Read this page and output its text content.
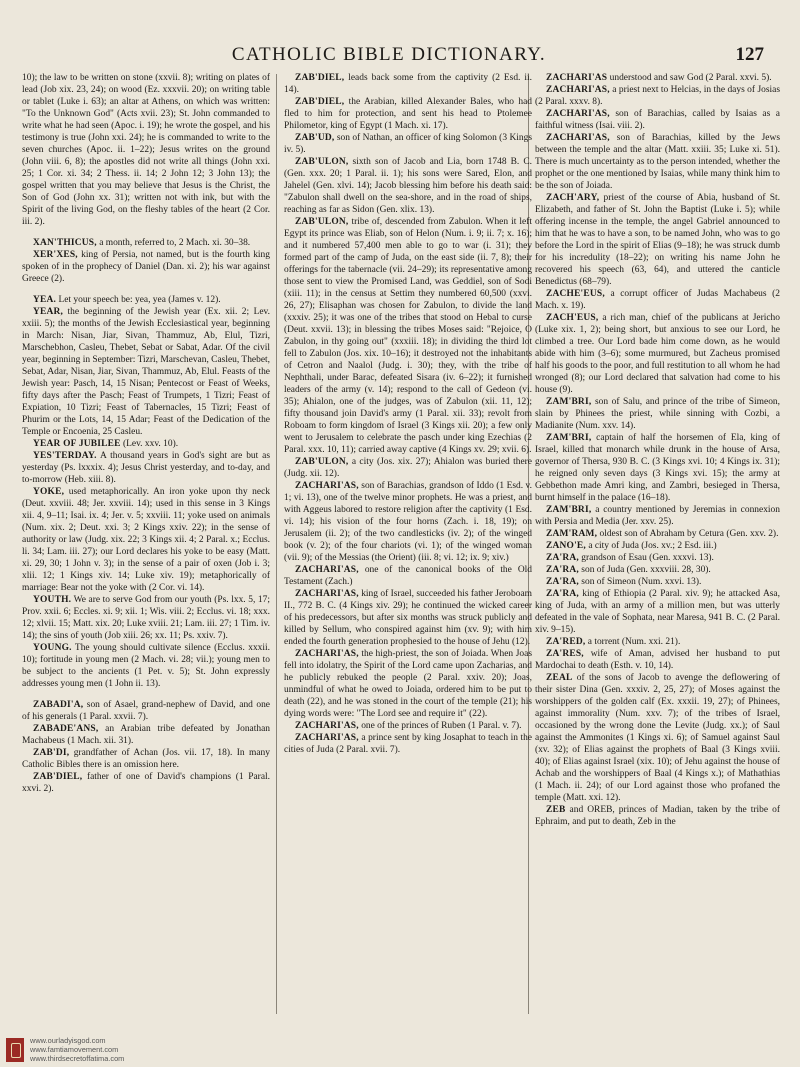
CATHOLIC BIBLE DICTIONARY.	127

10); the law to be written on stone (xxvii. 8); writing on plates of lead (Job xix. 23, 24); on wood (Ez. xxxvii. 20); on writing table or tablet (Luke i. 63); an altar at Athens, on which was written: "To the Unknown God" (Acts xvii. 23); St. John commanded to write what he had seen (Apoc. i. 19); he wrote the gospel, and his testimony is true (John xxi. 24); he is commanded to write to the seven churches (Apoc. ii. 1–22); Jesus writes on the ground (John viii. 6, 8); the apostles did not write all things (John xxi. 25; 1 Cor. xi. 34; 2 Thess. ii. 14; 2 John 12; 3 John 13); the gospel written that you may believe that Jesus is the Christ, the Son of God (John xx. 31); written not with ink, but with the Spirit of the living God, on the fleshy tables of the heart (2 Cor. iii. 2).

XAN'THICUS, a month, referred to, 2 Mach. xi. 30–38.

XER'XES, king of Persia, not named, but is the fourth king spoken of in the prophecy of Daniel (Dan. xi. 2); his war against Greece (2).

YEA. Let your speech be: yea, yea (James v. 12).

YEAR, the beginning of the Jewish year (Ex. xii. 2; Lev. xxiii. 5); the months of the Jewish Ecclesiastical year, beginning in March: Nisan, Jiar, Sivan, Thammuz, Ab, Elul, Tizri, Marschebhon, Casleu, Thebet, Sebat or Sabat, Adar. Of the civil year, beginning in September: Tizri, Marschevan, Casleu, Thebet, Sebat, Adar, Nisan, Jiar, Sivan, Thammuz, Ab, Elul. Feasts of the Jewish year: Pasch, 14, 15 Nisan; Pentecost or Feast of Weeks, fifty days after the Pasch; Feast of Trumpets, 1 Tizri; Feast of Expiation, 10 Tizri; Feast of Tabernacles, 15 Tizri; Feast of Phurim or the Lots, 14, 15 Adar; Feast of the Dedication of the Temple or Encoenia, 25 Casleu.

YEAR OF JUBILEE (Lev. xxv. 10).

YES'TERDAY. A thousand years in God's sight are but as yesterday (Ps. lxxxix. 4); Jesus Christ yesterday, and to-day, and to-morrow (Heb. xiii. 8).

YOKE, used metaphorically. An iron yoke upon thy neck (Deut. xxviii. 48; Jer. xxviii. 14); used in this sense in 3 Kings xii. 4, 9–11; Isai. ix. 4; Jer. v. 5; xxviii. 11; yoke used on animals (Num. xix. 2; Deut. xxi. 3; 2 Kings xxiv. 22); in the sense of authority or law (Judg. xix. 22; 3 Kings xii. 4; 2 Paral. x.; Ecclus. li. 34; Lam. iii. 27); our Lord declares his yoke to be easy (Matt. xi. 29, 30; 1 John v. 3); in the sense of a pair of oxen (Job i. 3; xlii. 12; 1 Kings xiv. 14; Luke xiv. 19); metaphorically of marriage: Bear not the yoke with (2 Cor. vi. 14).

YOUTH. We are to serve God from our youth (Ps. lxx. 5, 17; Prov. xxii. 6; Eccles. xi. 9; xii. 1; Wis. viii. 2; Ecclus. vi. 18; xxx. 12; xlvii. 15; Matt. xix. 20; Luke xviii. 21; Lam. iii. 27; 1 Tim. iv. 14); the sins of youth (Job xiii. 26; xx. 11; Ps. xxiv. 7).

YOUNG. The young should cultivate silence (Ecclus. xxxii. 10); fortitude in young men (2 Mach. vi. 28; vii.); young men to be subject to the ancients (1 Pet. v. 5); St. John expressly addresses young men (1 John ii. 13).

ZABADI'A, son of Asael, grand-nephew of David, and one of his generals (1 Paral. xxvii. 7).

ZABADE'ANS, an Arabian tribe defeated by Jonathan Machabeus (1 Mach. xii. 31).

ZAB'DI, grandfather of Achan (Jos. vii. 17, 18). In many Catholic Bibles there is an omission here.

ZAB'DIEL, father of one of David's champions (1 Paral. xxvi. 2).

ZAB'DIEL, leads back some from the captivity (2 Esd. ii. 14).

ZAB'DIEL, the Arabian, killed Alexander Bales, who had fled to him for protection, and sent his head to Ptolemee Philometor, king of Egypt (1 Mach. xi. 17).

ZAB'UD, son of Nathan, an officer of king Solomon (3 Kings iv. 5).

ZAB'ULON, sixth son of Jacob and Lia, born 1748 B. C. (Gen. xxx. 20; 1 Paral. ii. 1); his sons were Sared, Elon, and Jahelel (Gen. xlvi. 14); Jacob blessing him before his death said: "Zabulon shall dwell on the sea-shore, and in the road of ships, reaching as far as Sidon (Gen. xlix. 13).

ZAB'ULON, tribe of, descended from Zabulon. When it left Egypt its prince was Eliab, son of Helon (Num. i. 9; ii. 7; x. 16); and it numbered 57,400 men able to go to war (i. 31); they formed part of the camp of Juda, on the east side (ii. 7, 8); their offerings for the tabernacle (vii. 24–29); its representative among those sent to view the Promised Land, was Geddiel, son of Sodi (xiii. 11); in the census at Settim they numbered 60,500 (xxvi. 26, 27); Elisaphan was chosen for Zabulon, to divide the land (xxxiv. 25); it was one of the tribes that stood on Hebal to curse (Deut. xxvii. 13); in blessing the tribes Moses said: "Rejoice, O Zabulon, in thy going out" (xxxiii. 18); in dividing the third lot fell to Zabulon (Jos. xix. 10–16); it destroyed not the inhabitants of Cetron and Naalol (Judg. i. 30); they, with the tribe of Nephthali, under Barac, defeated Sisara (iv. 6–22); it furnished leaders of the army (v. 14); respond to the call of Gedeon (vi. 35); Ahialon, one of the judges, was of Zabulon (xii. 11, 12); fifty thousand join David's army (1 Paral. xii. 33); revolt from Roboam to form kingdom of Israel (3 Kings xii. 20); a few only went to Jerusalem to celebrate the pasch under king Ezechias (2 Paral. xxx. 10, 11); carried away captive (4 Kings xv. 29; xvii. 6).

ZAB'ULON, a city (Jos. xix. 27); Ahialon was buried there (Judg. xii. 12).

ZACHARI'AS, son of Barachias, grandson of Iddo (1 Esd. v. 1; vi. 13), one of the twelve minor prophets. He was a priest, and with Aggeus labored to restore religion after the captivity (1 Esd. vi. 14); his vision of the four horns (Zach. i. 18, 19); on Jerusalem (ii. 2); of the two candlesticks (iv. 2); of the winged book (v. 2); of the four chariots (vi. 1); of the winged woman (vii. 9); of the Messias (the Orient) (iii. 8; vi. 12; ix. 9; xiv.)

ZACHARI'AS, one of the canonical books of the Old Testament (Zach.)

ZACHARI'AS, king of Israel, succeeded his father Jeroboam II., 772 B. C. (4 Kings xiv. 29); he continued the wicked career of his predecessors, but after six months was struck publicly and killed by Sellum, who conspired against him (xv. 9); with him ended the fourth generation prophesied to the house of Jehu (12).

ZACHARI'AS, the high-priest, the son of Joiada. When Joas fell into idolatry, the Spirit of the Lord came upon Zacharias, and he publicly rebuked the people (2 Paral. xxiv. 20); Joas, unmindful of what he owed to Joiada, ordered him to be put to death (22), and he was stoned in the court of the temple (21); his dying words were: "The Lord see and require it" (22).

ZACHARI'AS, one of the princes of Ruben (1 Paral. v. 7).

ZACHARI'AS, a prince sent by king Josaphat to teach in the cities of Juda (2 Paral. xvii. 7).

ZACHARI'AS understood and saw God (2 Paral. xxvi. 5).

ZACHARI'AS, a priest next to Helcias, in the days of Josias (2 Paral. xxxv. 8).

ZACHARI'AS, son of Barachias, called by Isaias as a faithful witness (Isai. viii. 2).

ZACHARI'AS, son of Barachias, killed by the Jews between the temple and the altar (Matt. xxiii. 35; Luke xi. 51). There is much uncertainty as to the person intended, whether the prophet or the one mentioned by Isaias, while many think him to be the son of Joiada.

ZACH'ARY, priest of the course of Abia, husband of St. Elizabeth, and father of St. John the Baptist (Luke i. 5); while offering incense in the temple, the angel Gabriel announced to him that he was to have a son, to be named John, who was to go before the Lord in the spirit of Elias (9–18); he was struck dumb for his incredulity (18–22); on writing his name John he recovered his speech (63, 64), and uttered the canticle Benedictus (68–79).

ZACHE'EUS, a corrupt officer of Judas Machabeus (2 Mach. x. 19).

ZACH'EUS, a rich man, chief of the publicans at Jericho (Luke xix. 1, 2); being short, but anxious to see our Lord, he climbed a tree. Our Lord bade him come down, as he would abide with him (3–6); some murmured, but Zacheus promised half his goods to the poor, and full restitution to all whom he had wronged (8); our Lord declared that salvation had come to his house (9).

ZAM'BRI, son of Salu, and prince of the tribe of Simeon, slain by Phinees the priest, while sinning with Cozbi, a Madianite (Num. xxv. 14).

ZAM'BRI, captain of half the horsemen of Ela, king of Israel, killed that monarch while drunk in the house of Arsa, governor of Thersa, 930 B. C. (3 Kings xvi. 10; 4 Kings ix. 31); he reigned only seven days (3 Kings xvi. 15); the army at Gebbethon made Amri king, and Zambri, besieged in Thersa, burnt himself in the palace (16–18).

ZAM'BRI, a country mentioned by Jeremias in connexion with Persia and Media (Jer. xxv. 25).

ZAM'RAM, oldest son of Abraham by Cetura (Gen. xxv. 2).

ZANO'E, a city of Juda (Jos. xv.; 2 Esd. iii.)

ZA'RA, grandson of Esau (Gen. xxxvi. 13).

ZA'RA, son of Juda (Gen. xxxviii. 28, 30).

ZA'RA, son of Simeon (Num. xxvi. 13).

ZA'RA, king of Ethiopia (2 Paral. xiv. 9); he attacked Asa, king of Juda, with an army of a million men, but was utterly defeated in the vale of Sophata, near Maresa, 941 B. C. (2 Paral. xiv. 9–15).

ZA'RED, a torrent (Num. xxi. 21).

ZA'RES, wife of Aman, advised her husband to put Mardochai to death (Esth. v. 10, 14).

ZEAL of the sons of Jacob to avenge the deflowering of their sister Dina (Gen. xxxiv. 2, 25, 27); of Moses against the worshippers of the golden calf (Ex. xxxii. 19, 27); of Phinees, against immorality (Num. xxv. 7); of the tribes of Israel, occasioned by the wrong done the Levite (Judg. xx.); of Saul against the Ammonites (1 Kings xi. 6); of Samuel against Saul (xv. 32); of Elias against the prophets of Baal (3 Kings xviii. 40); of Elias against Israel (xix. 10); of Jehu against the house of Achab and the worshippers of Baal (4 Kings x.); of Mathathias (1 Mach. ii. 24); of our Lord against those who profaned the temple (Matt. xxi. 12).

ZEB and OREB, princes of Madian, taken by the tribe of Ephraim, and put to death, Zeb in the

www.ourladyisgod.com
www.famtiamovement.com
www.thirdsecretoffatima.com
